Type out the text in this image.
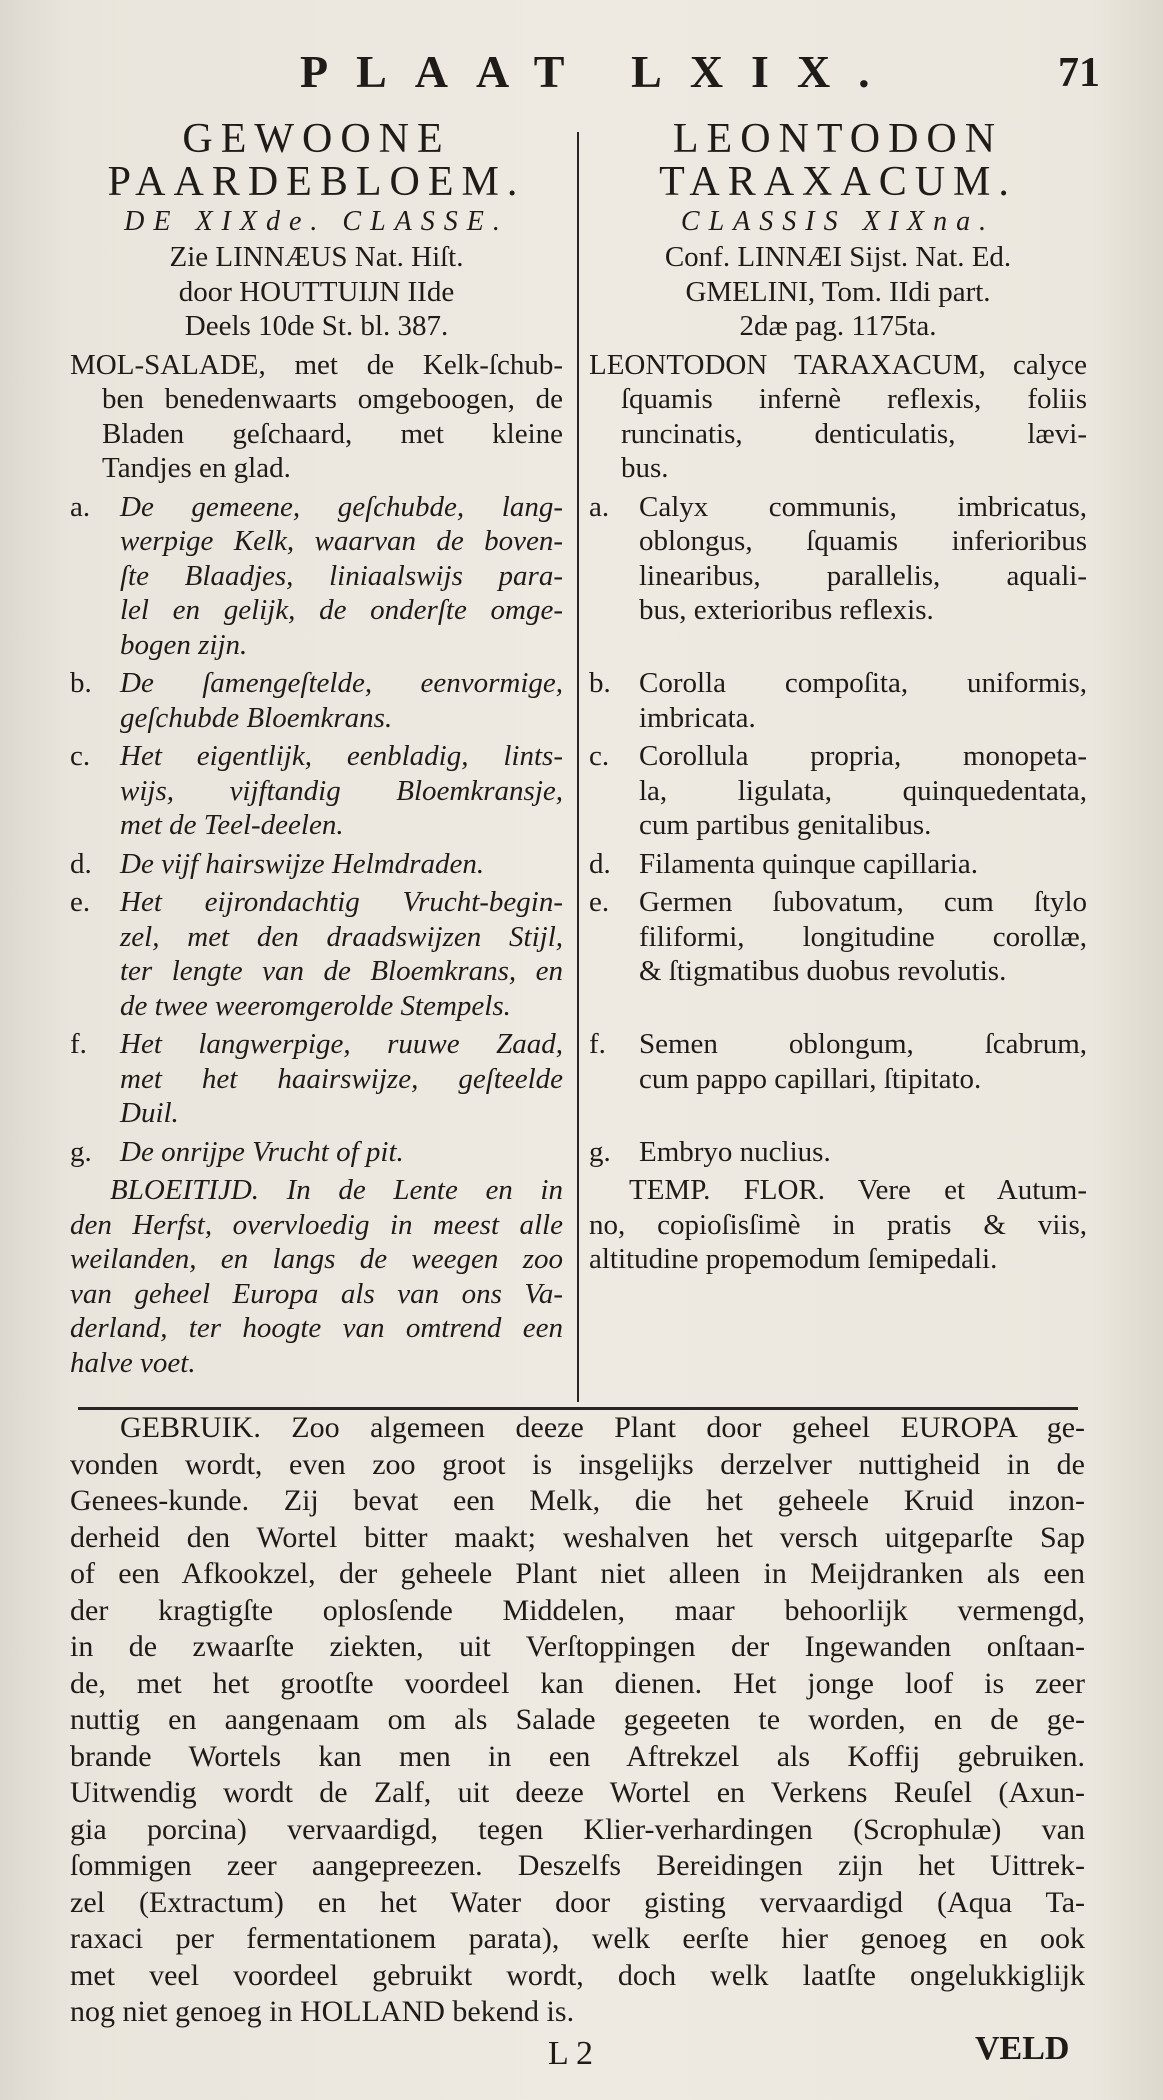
PLAAT LXIX.	71
GEWOONE
PAARDEBLOEM.
DE XIXde. CLASSE.
Zie LINNÆUS Nat. Hiſt.
door HOUTTUIJN IIde
Deels 10de St. bl. 387.
LEONTODON
TARAXACUM.
CLASSIS XIXna.
Conf. LINNÆI Sijst. Nat. Ed.
GMELINI, Tom. IIdi part.
2dæ pag. 1175ta.
MOL-SALADE, met de Kelk-ſchub-
ben benedenwaarts omgeboogen, de
Bladen geſchaard, met kleine
Tandjes en glad.
LEONTODON TARAXACUM, calyce
ſquamis infernè reflexis, foliis
runcinatis, denticulatis, lævi-
bus.
a.	De gemeene, geſchubde, lang-
werpige Kelk, waarvan de boven-
ſte Blaadjes, liniaalswijs para-
lel en gelijk, de onderſte omge-
bogen zijn.
a.	Calyx communis, imbricatus,
oblongus, ſquamis inferioribus
linearibus, parallelis, aquali-
bus, exterioribus reflexis.
b. De ſamengeſtelde, eenvormige,
geſchubde Bloemkrans.
b. Corolla compoſita, uniformis,
imbricata.
c.	Het eigentlijk, eenbladig, lints-
wijs, vijftandig Bloemkransje,
met de Teel-deelen.
c.	Corollula propria, monopeta-
la, ligulata, quinquedentata,
cum partibus genitalibus.
d. De vijf hairswijze Helmdraden.	d. Filamenta quinque capillaria.
e.	Het eijrondachtig Vrucht-begin-
zel, met den draadswijzen Stijl,
ter lengte van de Bloemkrans, en
de twee weeromgerolde Stempels.
e.	Germen ſubovatum, cum ſtylo
filiformi, longitudine corollæ,
& ſtigmatibus duobus revolutis.
f.	Het langwerpige, ruuwe Zaad,
met het haairswijze, geſteelde
Duil.
f.	Semen oblongum, ſcabrum,
cum pappo capillari, ſtipitato.
g. De onrijpe Vrucht of pit.	g. Embryo nuclius.
BLOEITIJD. In de Lente en in
den Herfst, overvloedig in meest alle
weilanden, en langs de weegen zoo
van geheel Europa als van ons Va-
derland, ter hoogte van omtrend een
halve voet.
TEMP. FLOR. Vere et Autum-
no, copioſisſimè in pratis & viis,
altitudine propemodum ſemipedali.
GEBRUIK. Zoo algemeen deeze Plant door geheel EUROPA ge-
vonden wordt, even zoo groot is insgelijks derzelver nuttigheid in de
Genees-kunde. Zij bevat een Melk, die het geheele Kruid inzon-
derheid den Wortel bitter maakt; weshalven het versch uitgeparſte Sap
of een Afkookzel, der geheele Plant niet alleen in Meijdranken als een
der kragtigſte oplosſende Middelen, maar behoorlijk vermengd,
in de zwaarſte ziekten, uit Verſtoppingen der Ingewanden onſtaan-
de, met het grootſte voordeel kan dienen. Het jonge loof is zeer
nuttig en aangenaam om als Salade gegeeten te worden, en de ge-
brande Wortels kan men in een Aftrekzel als Koffij gebruiken.
Uitwendig wordt de Zalf, uit deeze Wortel en Verkens Reuſel (Axun-
gia porcina) vervaardigd, tegen Klier-verhardingen (Scrophulæ) van
ſommigen zeer aangepreezen. Deszelfs Bereidingen zijn het Uittrek-
zel (Extractum) en het Water door gisting vervaardigd (Aqua Ta-
raxaci per fermentationem parata), welk eerſte hier genoeg en ook
met veel voordeel gebruikt wordt, doch welk laatſte ongelukkiglijk
nog niet genoeg in HOLLAND bekend is.
L 2	VELD
